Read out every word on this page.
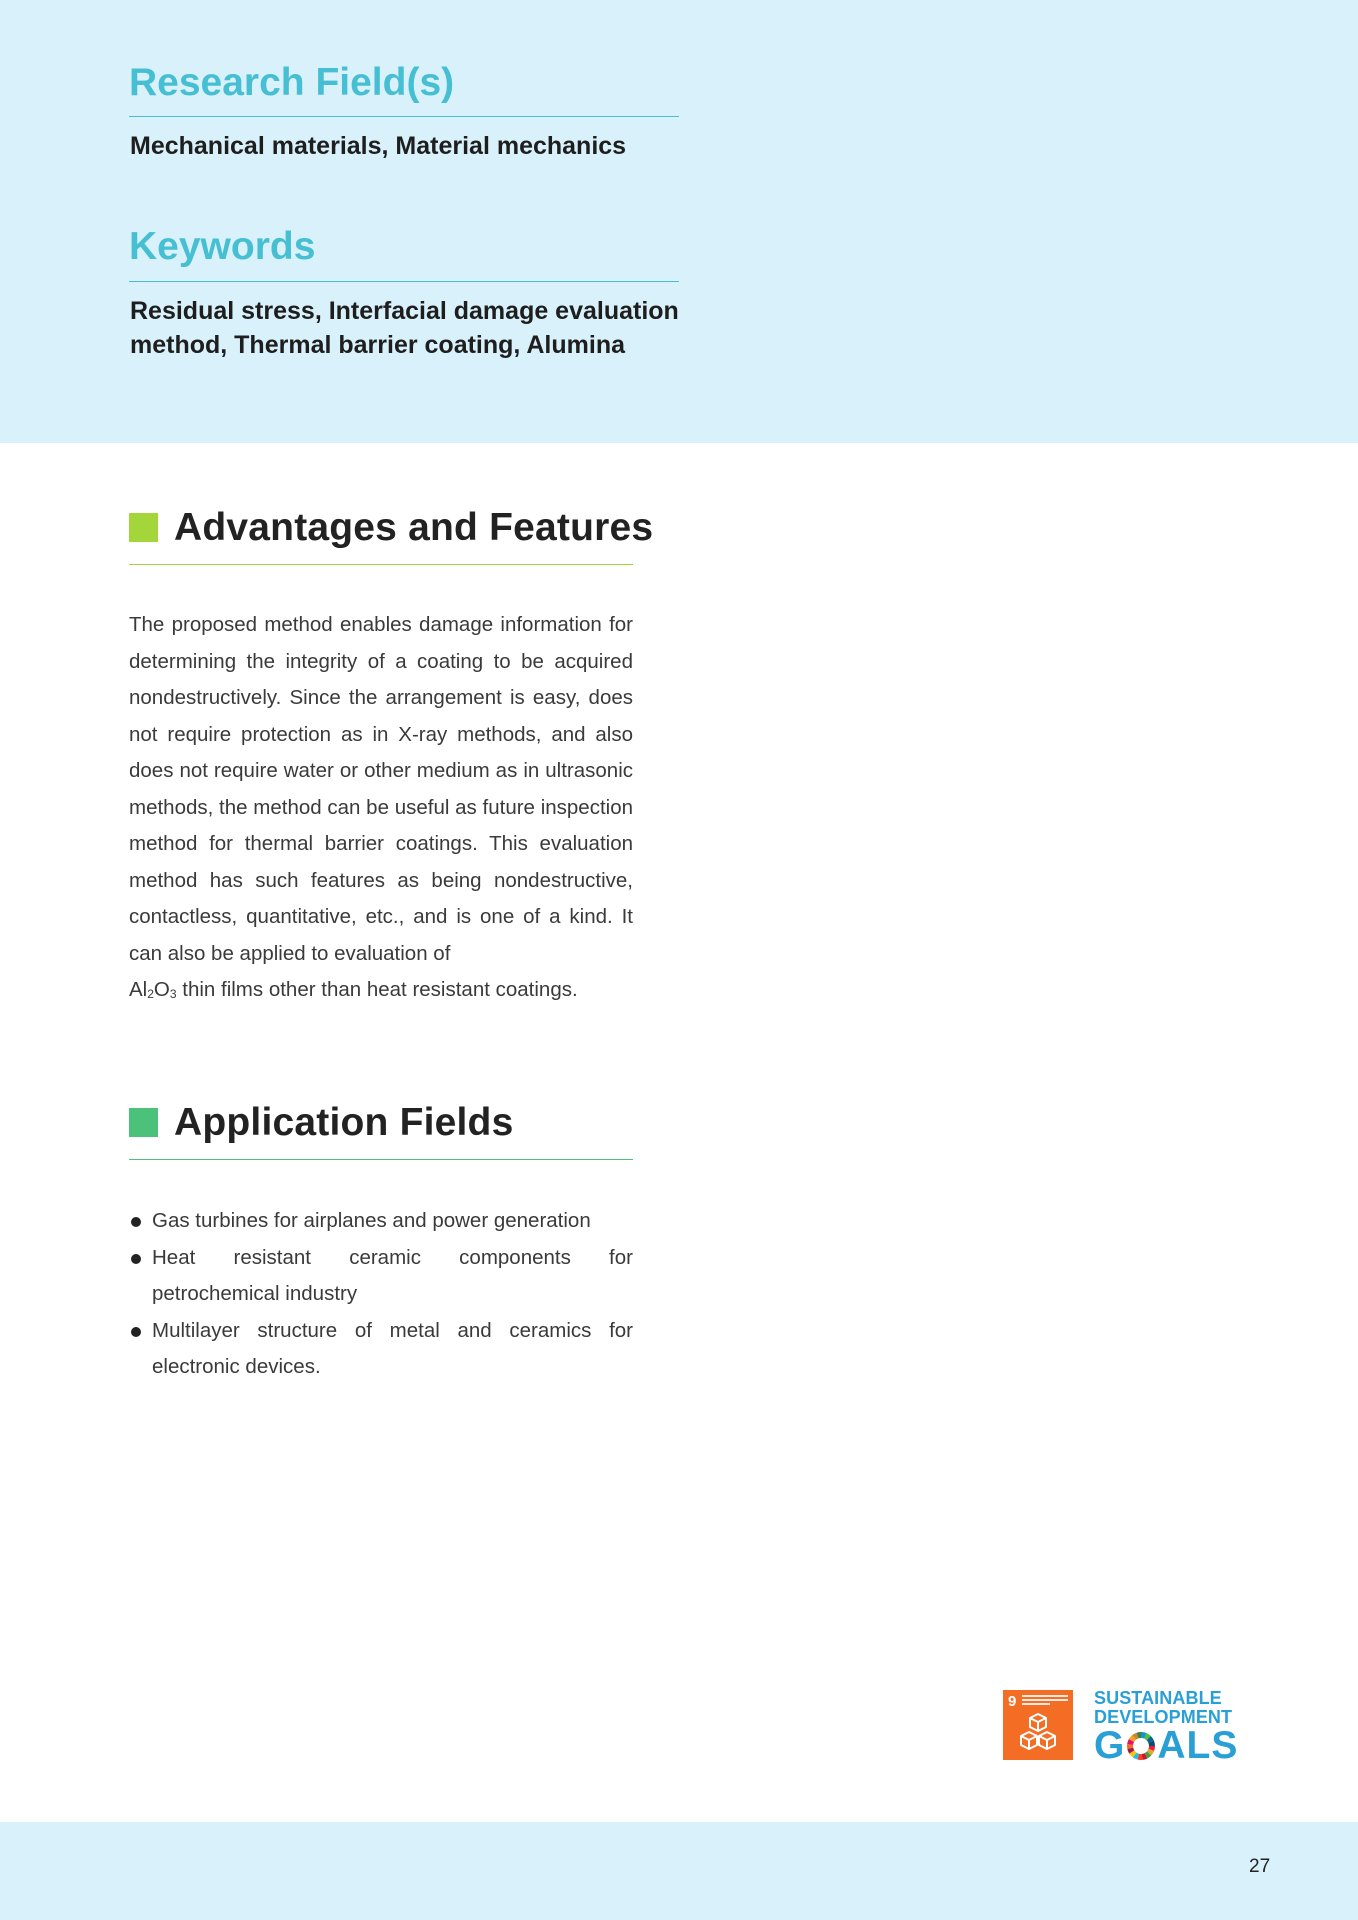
Research Field(s)

Mechanical materials, Material mechanics

Keywords

Residual stress, Interfacial damage evaluation method, Thermal barrier coating, Alumina

Advantages and Features

The proposed method enables damage information for determining the integrity of a coating to be acquired nondestructively. Since the arrangement is easy, does not require protection as in X-ray methods, and also does not require water or other medium as in ultrasonic methods, the method can be useful as future inspection method for thermal barrier coatings. This evaluation method has such features as being nondestructive, contactless, quantitative, etc., and is one of a kind. It can also be applied to evaluation of
$Al_2O_3$ thin films other than heat resistant coatings.

Application Fields
Gas turbines for airplanes and power generation
Heat resistant ceramic components for petrochemical industry
Multilayer structure of metal and ceramics for electronic devices.
9	SUSTAINABLE
DEVELOPMENT
G ALS
27
